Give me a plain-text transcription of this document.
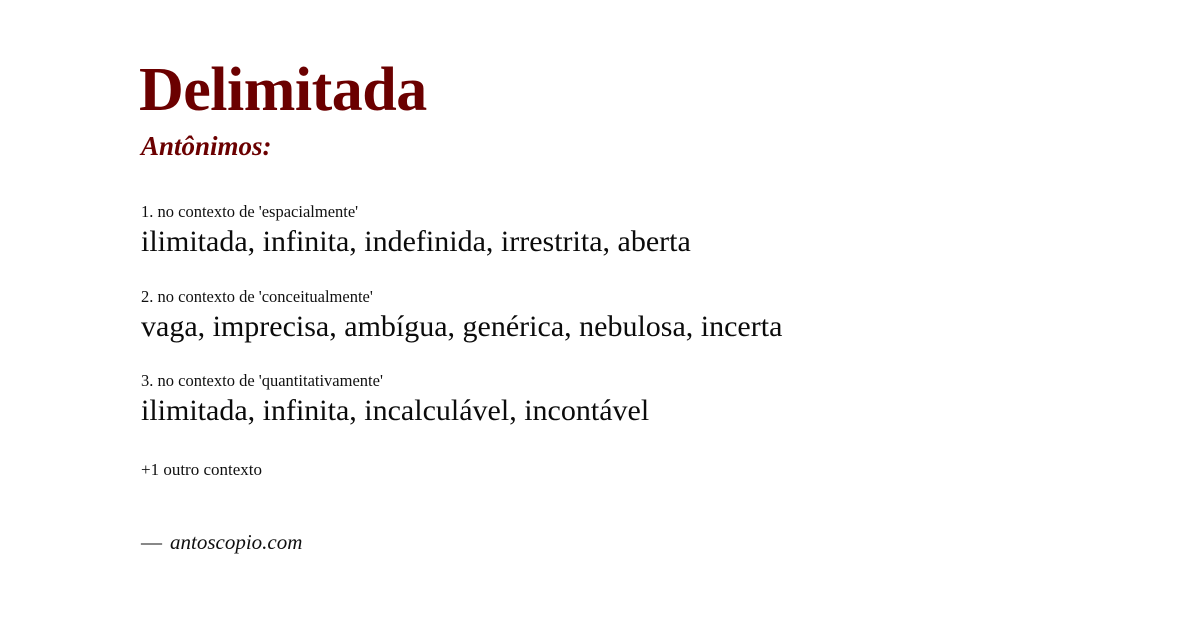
Delimitada
Antônimos:
1. no contexto de 'espacialmente'
ilimitada, infinita, indefinida, irrestrita, aberta
2. no contexto de 'conceitualmente'
vaga, imprecisa, ambígua, genérica, nebulosa, incerta
3. no contexto de 'quantitativamente'
ilimitada, infinita, incalculável, incontável
+1 outro contexto
— antoscopio.com
